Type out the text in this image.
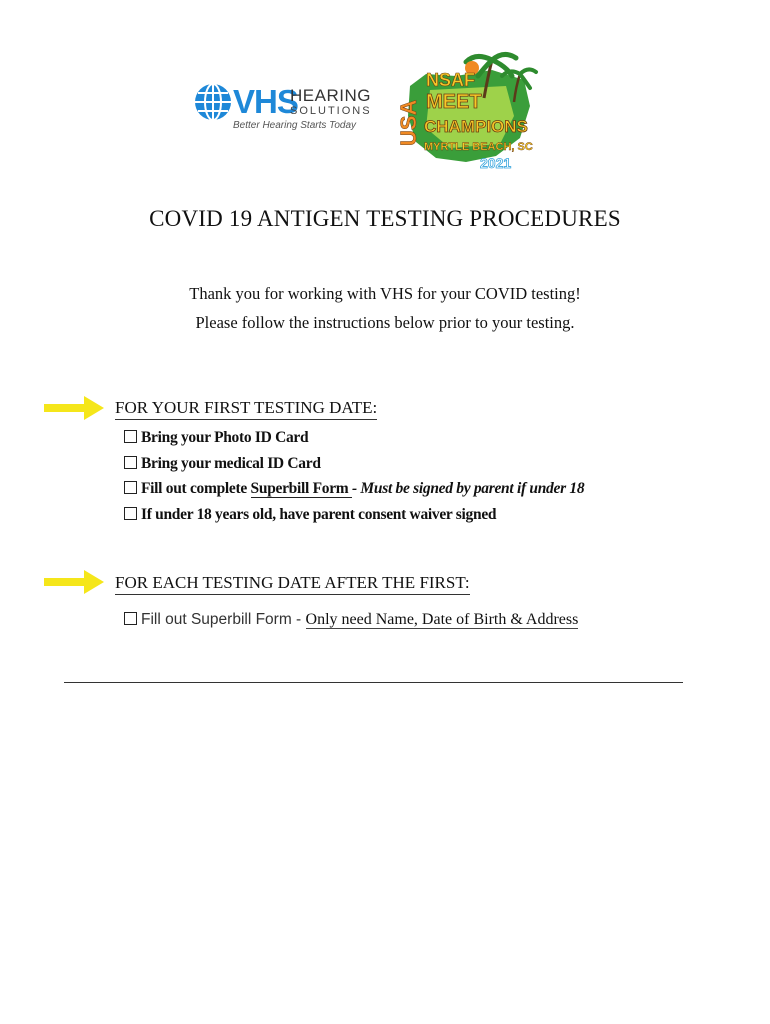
VHS
HEARING
SOLUTIONS
Better Hearing Starts Today
NSAF
USA MEET
CHAMPIONS
MYRTLE BEACH, SC
2021
COVID 19 ANTIGEN TESTING PROCEDURES
Thank you for working with VHS for your COVID testing!
Please follow the instructions below prior to your testing.
FOR YOUR FIRST TESTING DATE:
Bring your Photo ID Card
Bring your medical ID Card
Fill out complete Superbill Form - Must be signed by parent if under 18
If under 18 years old, have parent consent waiver signed
FOR EACH TESTING DATE AFTER THE FIRST:
Fill out Superbill Form - Only need Name, Date of Birth & Address
